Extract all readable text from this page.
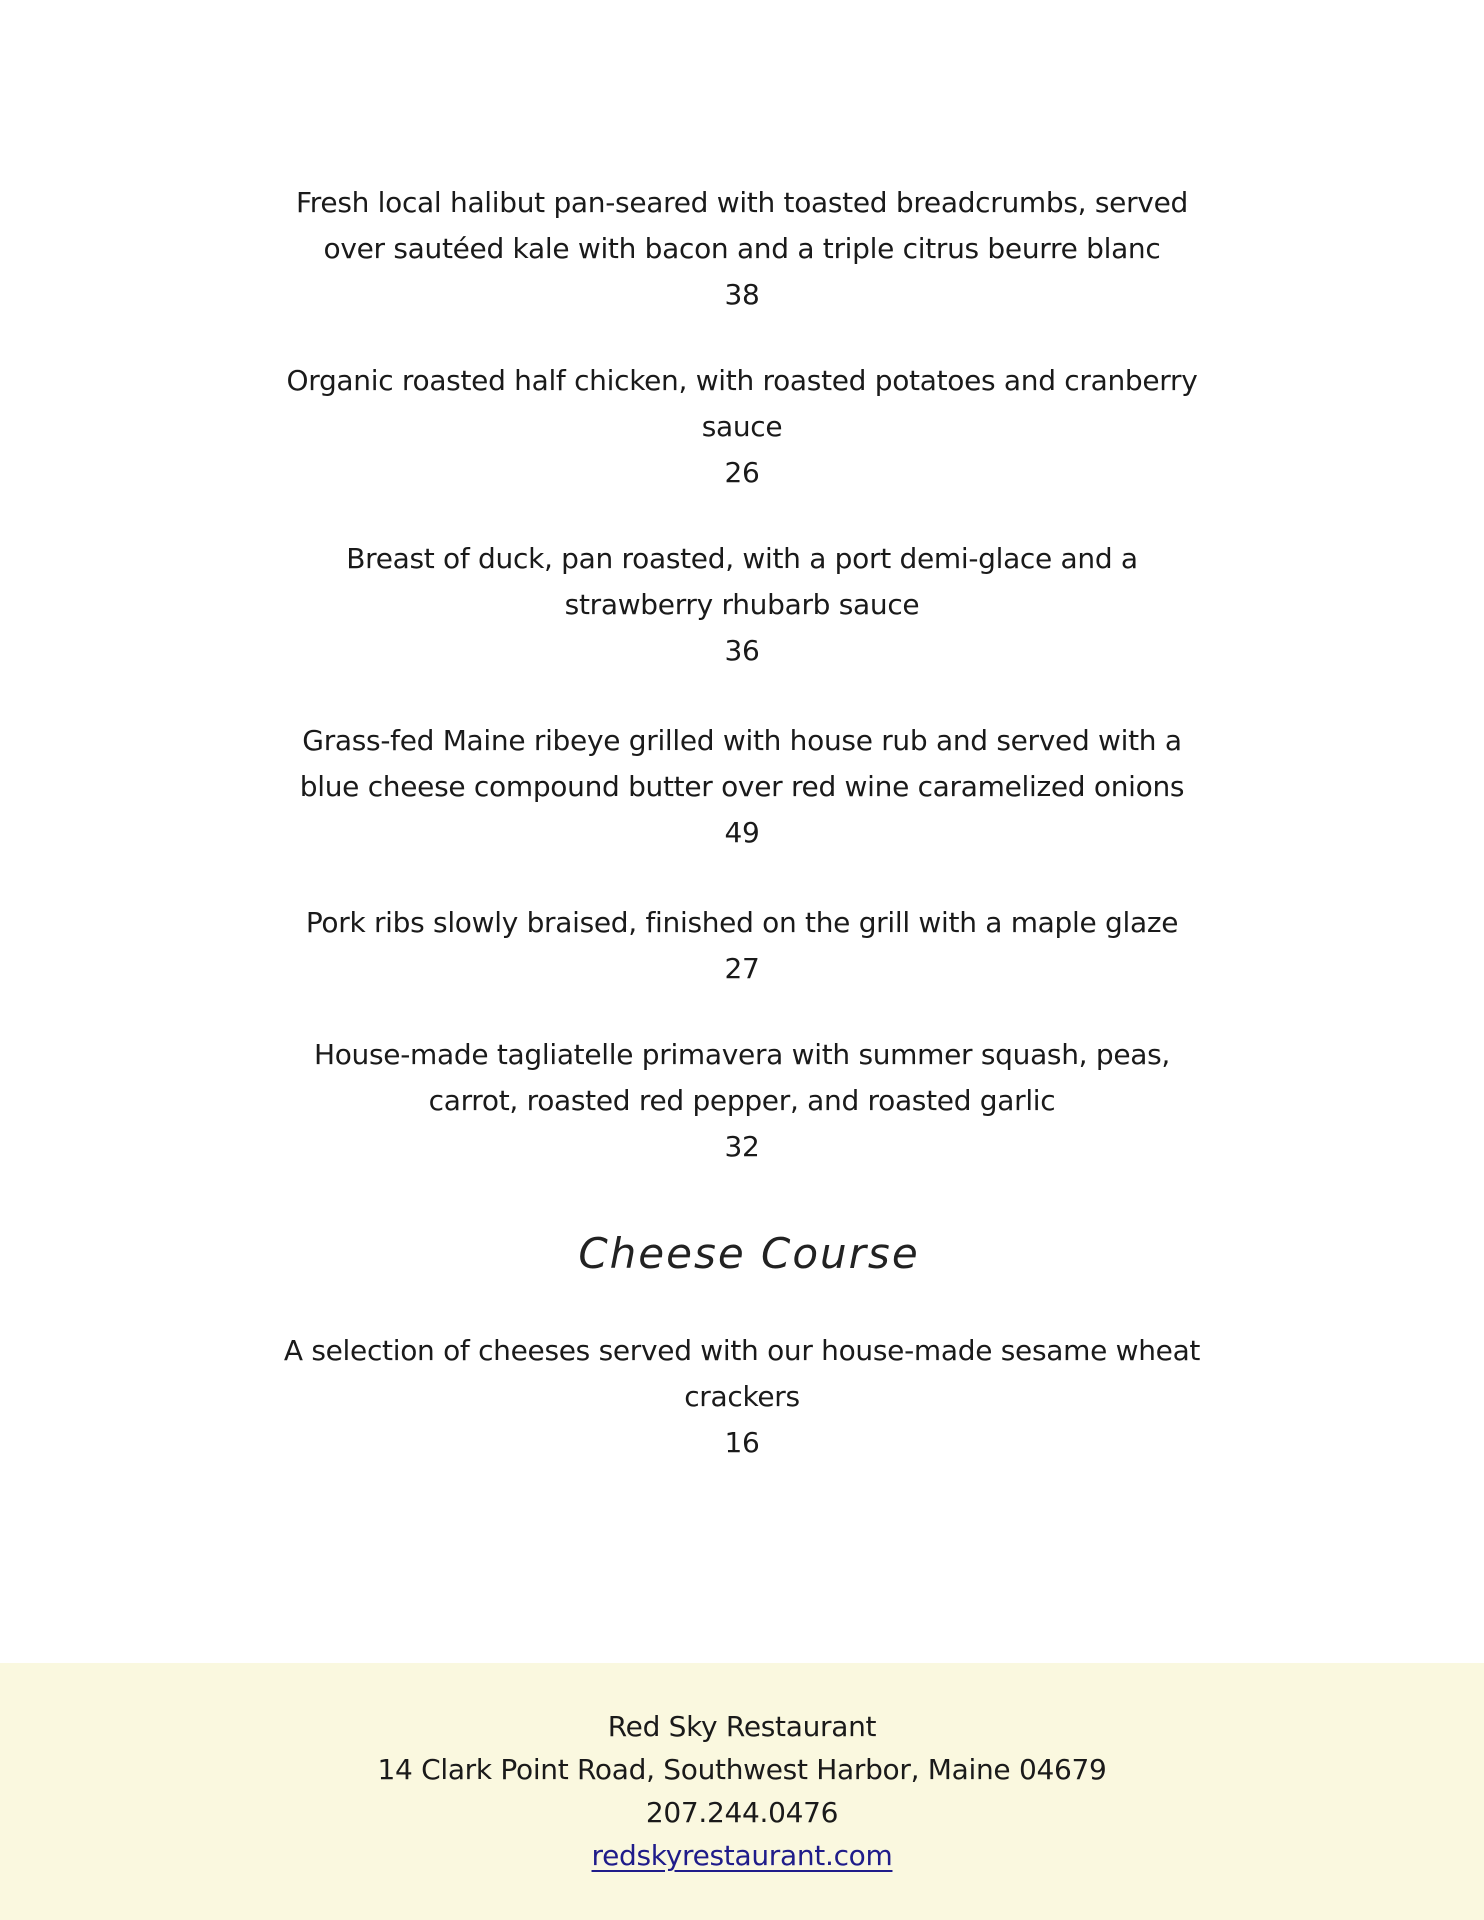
Fresh local halibut pan-seared with toasted breadcrumbs, served over sautéed kale with bacon and a triple citrus beurre blanc
38
Organic roasted half chicken, with roasted potatoes and cranberry sauce
26
Breast of duck, pan roasted, with a port demi-glace and a strawberry rhubarb sauce
36
Grass-fed Maine ribeye grilled with house rub and served with a blue cheese compound butter over red wine caramelized onions
49
Pork ribs slowly braised, finished on the grill with a maple glaze
27
House-made tagliatelle primavera with summer squash, peas, carrot, roasted red pepper, and roasted garlic
32
Cheese Course
A selection of cheeses served with our house-made sesame wheat crackers
16
Red Sky Restaurant
14 Clark Point Road, Southwest Harbor, Maine 04679
207.244.0476
redskyrestaurant.com
